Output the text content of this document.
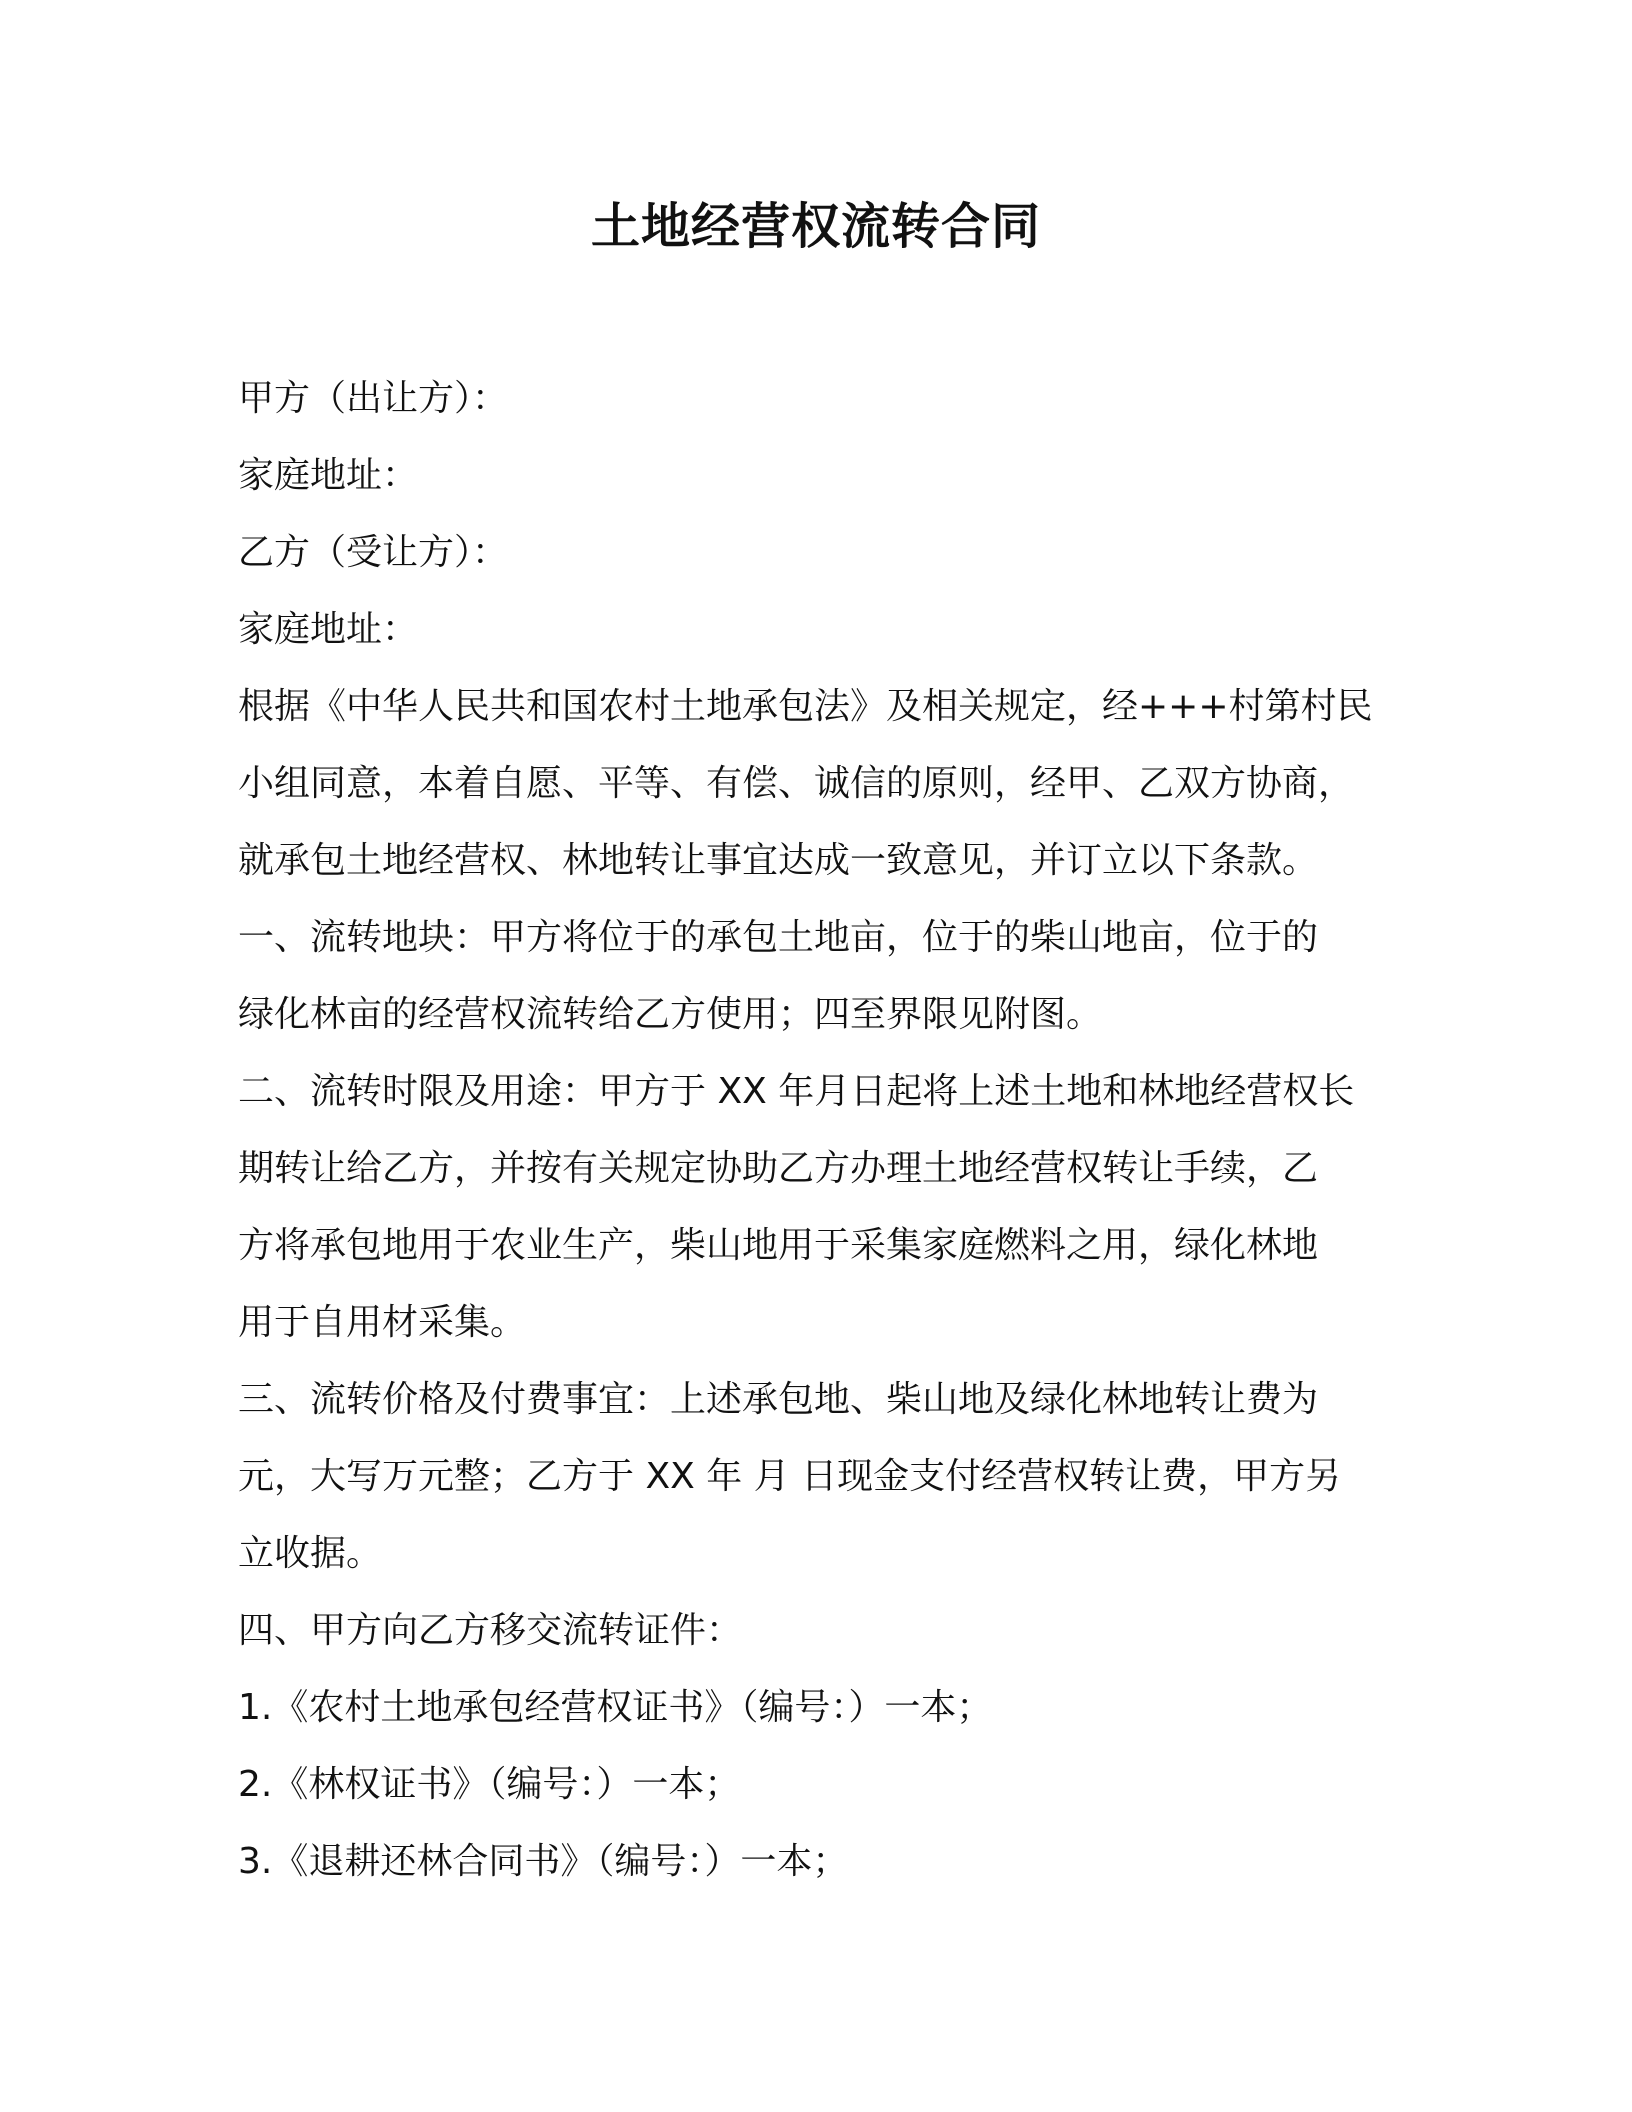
土地经营权流转合同

甲方（出让方）：

家庭地址：

乙方（受让方）：

家庭地址：

根据《中华人民共和国农村土地承包法》及相关规定，经+++村第村民

小组同意，本着自愿、平等、有偿、诚信的原则，经甲、乙双方协商，

就承包土地经营权、林地转让事宜达成一致意见，并订立以下条款。

一、流转地块：甲方将位于的承包土地亩，位于的柴山地亩，位于的

绿化林亩的经营权流转给乙方使用；四至界限见附图。

二、流转时限及用途：甲方于 XX 年月日起将上述土地和林地经营权长

期转让给乙方，并按有关规定协助乙方办理土地经营权转让手续，乙

方将承包地用于农业生产，柴山地用于采集家庭燃料之用，绿化林地

用于自用材采集。

三、流转价格及付费事宜：上述承包地、柴山地及绿化林地转让费为

元，大写万元整；乙方于 XX 年 月 日现金支付经营权转让费，甲方另

立收据。

四、甲方向乙方移交流转证件：

1.《农村土地承包经营权证书》（编号：）一本；

2.《林权证书》（编号：）一本；

3.《退耕还林合同书》（编号：）一本；
